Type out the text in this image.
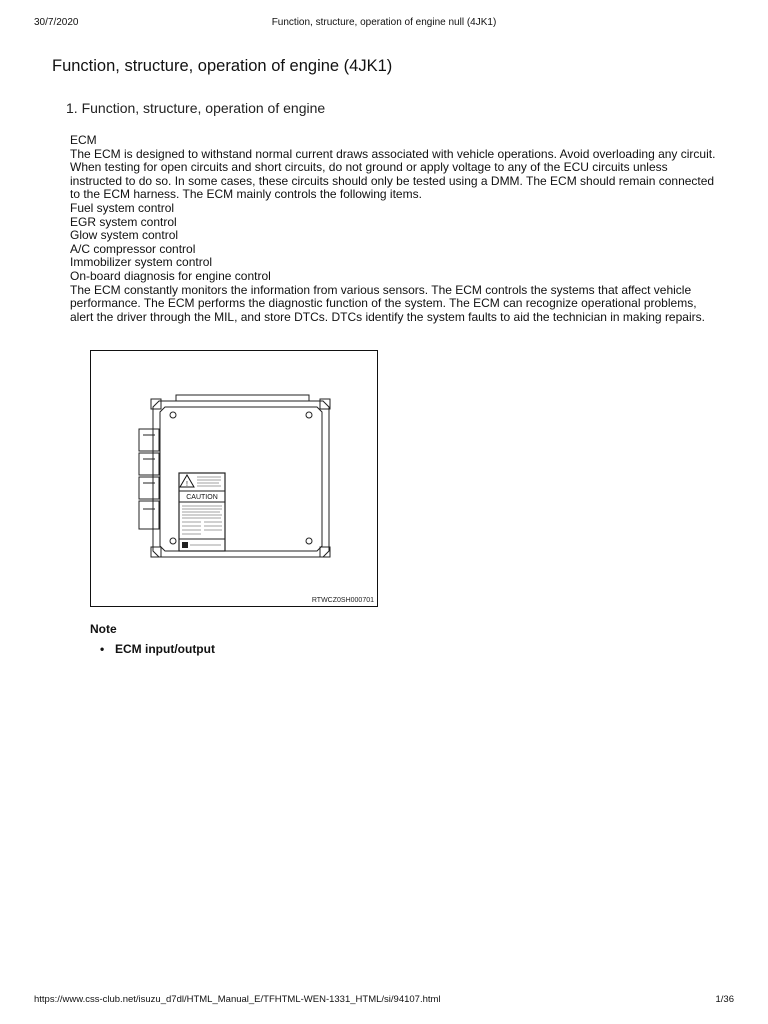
30/7/2020	Function, structure, operation of engine null (4JK1)
Function, structure, operation of engine (4JK1)
1. Function, structure, operation of engine

ECM

The ECM is designed to withstand normal current draws associated with vehicle operations. Avoid overloading any circuit. When testing for open circuits and short circuits, do not ground or apply voltage to any of the ECU circuits unless instructed to do so. In some cases, these circuits should only be tested using a DMM. The ECM should remain connected to the ECM harness. The ECM mainly controls the following items.

Fuel system control

EGR system control

Glow system control

A/C compressor control

Immobilizer system control

On-board diagnosis for engine control

The ECM constantly monitors the information from various sensors. The ECM controls the systems that affect vehicle performance. The ECM performs the diagnostic function of the system. The ECM can recognize operational problems, alert the driver through the MIL, and store DTCs. DTCs identify the system faults to aid the technician in making repairs.

!
CAUTION
RTWCZ0SH000701
Note
• ECM input/output
https://www.css-club.net/isuzu_d7dl/HTML_Manual_E/TFHTML-WEN-1331_HTML/si/94107.html	1/36
